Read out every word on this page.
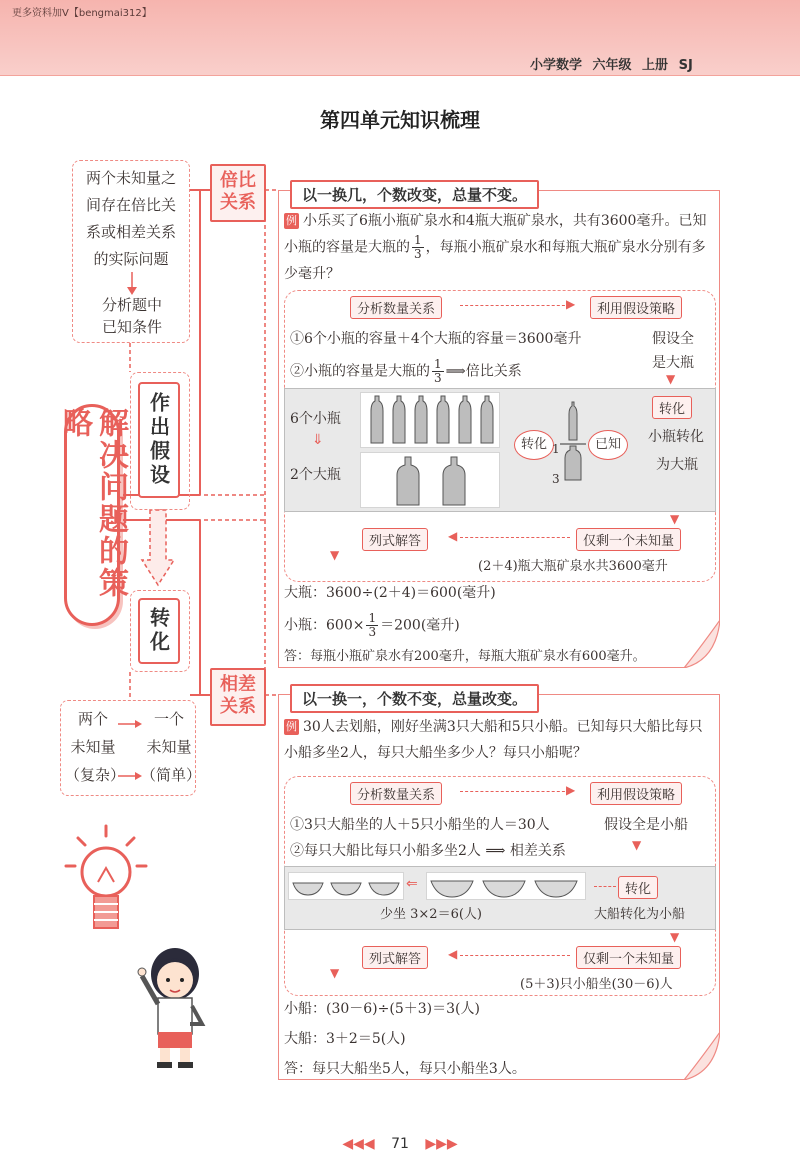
更多资料加V【bengmai312】
小学数学 六年级 上册 SJ
第四单元知识梳理
两个未知量之
间存在倍比关
系或相差关系
的实际问题
分析题中
已知条件
作出假设
解决问题的策略
转化
两个
未知量
（复杂）
一个
未知量
（简单）
倍比
关系	以一换几，个数改变，总量不变。
例 小乐买了6瓶小瓶矿泉水和4瓶大瓶矿泉水，共有3600毫升。已知小瓶的容量是大瓶的 $\frac{1}{3}$ ，每瓶小瓶矿泉水和每瓶大瓶矿泉水分别有多少毫升？
分析数量关系	▶	利用假设策略
①6个小瓶的容量＋4个大瓶的容量＝3600毫升	假设全
是大瓶
▼
②小瓶的容量是大瓶的 $\frac{1}{3}$ ⟹倍比关系
6个小瓶
⇓
2个大瓶
转化	已知
1
3
转化
小瓶转化
为大瓶
▼
列式解答	◀	仅剩一个未知量
▼
(2＋4)瓶大瓶矿泉水共3600毫升
大瓶：3600÷(2＋4)＝600(毫升)
小瓶：$600\times \frac{1}{3} =200$(毫升)
答：每瓶小瓶矿泉水有200毫升，每瓶大瓶矿泉水有600毫升。
相差
关系	以一换一，个数不变，总量改变。
例 30人去划船，刚好坐满3只大船和5只小船。已知每只大船比每只小船多坐2人，每只大船坐多少人？每只小船呢？
分析数量关系	▶	利用假设策略
①3只大船坐的人＋5只小船坐的人＝30人	假设全是小船
▼
②每只大船比每只小船多坐2人 ⟹ 相差关系
⇐	转化
少坐 3×2＝6(人)	大船转化为小船
▼
列式解答	◀	仅剩一个未知量
▼
(5＋3)只小船坐(30－6)人
小船：(30－6)÷(5＋3)＝3(人)
大船：3＋2＝5(人)
答：每只大船坐5人，每只小船坐3人。
◀◀◀ 71 ▶▶▶
